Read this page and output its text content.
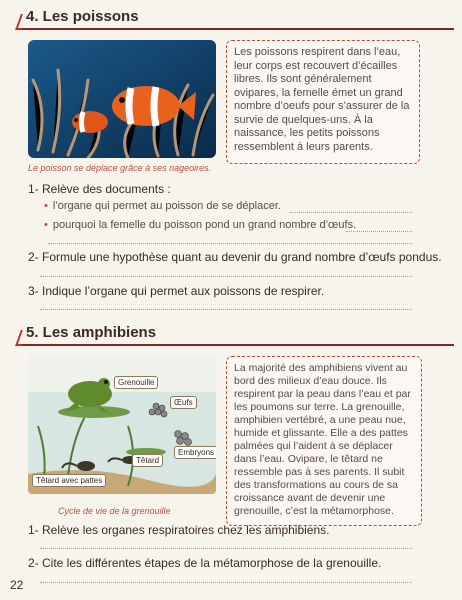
4. Les poissons
Le poisson se déplace grâce à ses nageoires.
Les poissons respirent dans l’eau, leur corps est recouvert d’écailles libres. Ils sont généralement ovipares, la femelle émet un grand nombre d’oeufs pour s’assurer de la survie de quelques-uns. À la naissance, les petits poissons ressemblent à leurs parents.
1- Relève des documents :
• l’organe qui permet au poisson de se déplacer.
• pourquoi la femelle du poisson pond un grand nombre d’œufs.
2- Formule une hypothèse quant au devenir du grand nombre d’œufs pondus.
3- Indique l’organe qui permet aux poissons de respirer.
5. Les amphibiens
Grenouille
Œufs
Embryons
Têtard
Têtard avec pattes
Cycle de vie de la grenouille
La majorité des amphibiens vivent au bord des milieux d’eau douce. Ils respirent par la peau dans l’eau et par les poumons sur terre. La grenouille, amphibien vertébré, a une peau nue, humide et glissante. Elle a des pattes palmées qui l’aident à se déplacer dans l’eau. Ovipare, le têtard ne ressemble pas à ses parents. Il subit des transformations au cours de sa croissance avant de devenir une grenouille, c’est la métamorphose.
1- Relève les organes respiratoires chez les amphibiens.
2- Cite les différentes étapes de la métamorphose de la grenouille.
22
